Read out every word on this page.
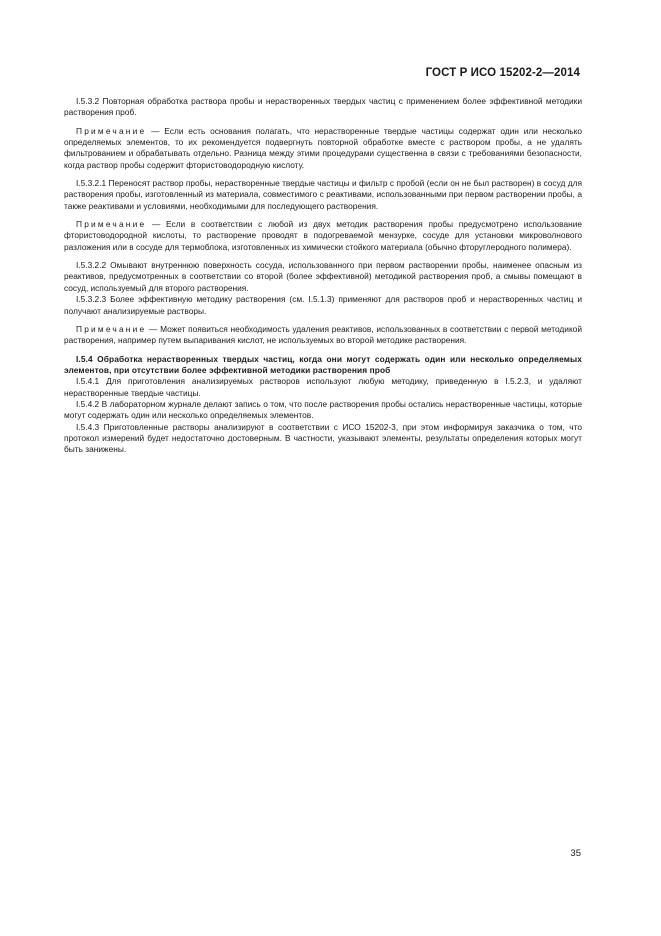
ГОСТ Р ИСО 15202-2—2014

I.5.3.2 Повторная обработка раствора пробы и нерастворенных твердых частиц с применением более эффективной методики растворения проб.

Примечание — Если есть основания полагать, что нерастворенные твердые частицы содержат один или несколько определяемых элементов, то их рекомендуется подвергнуть повторной обработке вместе с раствором пробы, а не удалять фильтрованием и обрабатывать отдельно. Разница между этими процедурами существенна в связи с требованиями безопасности, когда раствор пробы содержит фтористоводородную кислоту.

I.5.3.2.1 Переносят раствор пробы, нерастворенные твердые частицы и фильтр с пробой (если он не был растворен) в сосуд для растворения пробы, изготовленный из материала, совместимого с реактивами, использованными при первом растворении пробы, а также реактивами и условиями, необходимыми для последующего растворения.

Примечание — Если в соответствии с любой из двух методик растворения пробы предусмотрено использование фтористоводородной кислоты, то растворение проводят в подогреваемой мензурке, сосуде для установки микроволнового разложения или в сосуде для термоблока, изготовленных из химически стойкого материала (обычно фторуглеродного полимера).

I.5.3.2.2 Омывают внутреннюю поверхность сосуда, использованного при первом растворении пробы, наименее опасным из реактивов, предусмотренных в соответствии со второй (более эффективной) методикой растворения проб, а смывы помещают в сосуд, используемый для второго растворения.

I.5.3.2.3 Более эффективную методику растворения (см. I.5.1.3) применяют для растворов проб и нерастворенных частиц и получают анализируемые растворы.

Примечание — Может появиться необходимость удаления реактивов, использованных в соответствии с первой методикой растворения, например путем выпаривания кислот, не используемых во второй методике растворения.

I.5.4 Обработка нерастворенных твердых частиц, когда они могут содержать один или несколько определяемых элементов, при отсутствии более эффективной методики растворения проб

I.5.4.1 Для приготовления анализируемых растворов используют любую методику, приведенную в I.5.2.3, и удаляют нерастворенные твердые частицы.

I.5.4.2 В лабораторном журнале делают запись о том, что после растворения пробы остались нерастворенные частицы, которые могут содержать один или несколько определяемых элементов.

I.5.4.3 Приготовленные растворы анализируют в соответствии с ИСО 15202-3, при этом информируя заказчика о том, что протокол измерений будет недостаточно достоверным. В частности, указывают элементы, результаты определения которых могут быть занижены.

35
